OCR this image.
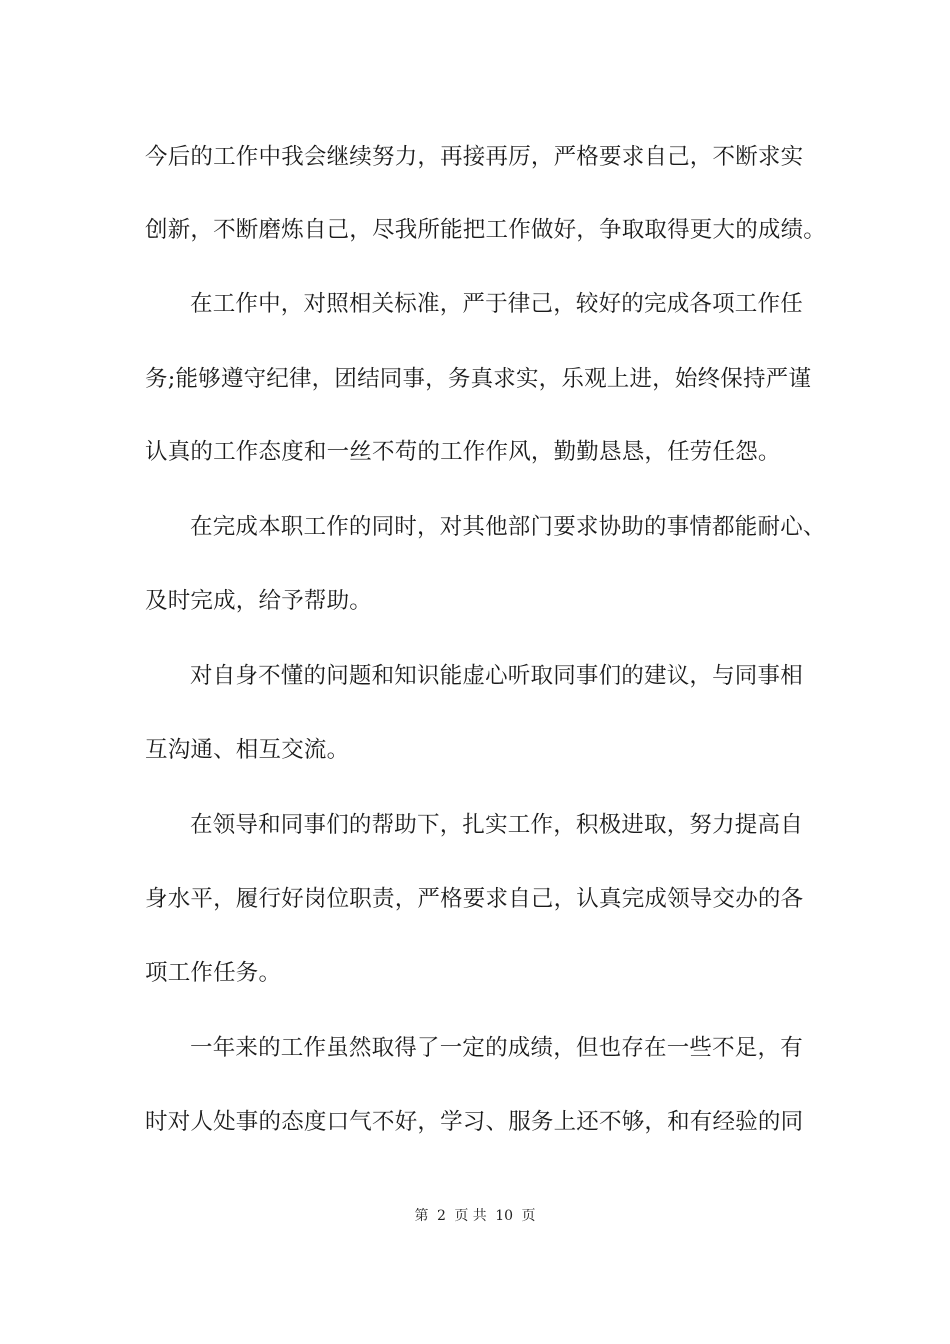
今后的工作中我会继续努力，再接再厉，严格要求自己，不断求实
创新，不断磨炼自己，尽我所能把工作做好，争取取得更大的成绩。
在工作中，对照相关标准，严于律己，较好的完成各项工作任
务;能够遵守纪律，团结同事，务真求实，乐观上进，始终保持严谨
认真的工作态度和一丝不苟的工作作风，勤勤恳恳，任劳任怨。
在完成本职工作的同时，对其他部门要求协助的事情都能耐心、
及时完成，给予帮助。
对自身不懂的问题和知识能虚心听取同事们的建议，与同事相
互沟通、相互交流。
在领导和同事们的帮助下，扎实工作，积极进取，努力提高自
身水平，履行好岗位职责，严格要求自己，认真完成领导交办的各
项工作任务。
一年来的工作虽然取得了一定的成绩，但也存在一些不足，有
时对人处事的态度口气不好，学习、服务上还不够，和有经验的同
第 2 页 共 10 页
